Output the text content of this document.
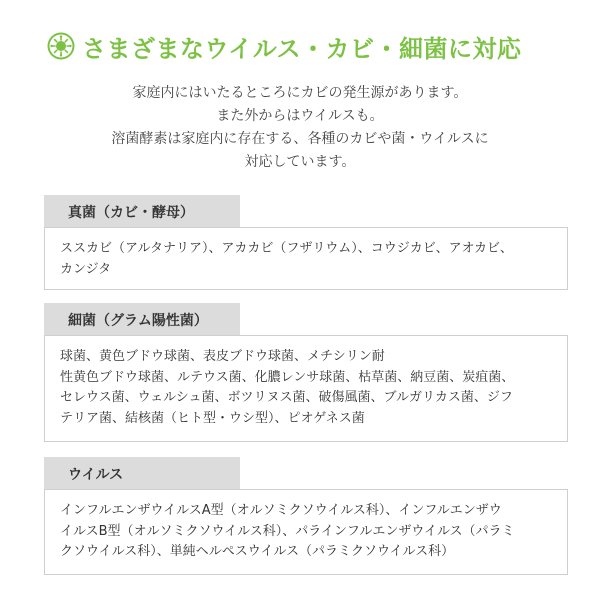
さまざまなウイルス・カビ・細菌に対応
家庭内にはいたるところにカビの発生源があります。
また外からはウイルスも。
溶菌酵素は家庭内に存在する、各種のカビや菌・ウイルスに
対応しています。
真菌（カビ・酵母）
ススカビ（アルタナリア）、アカカビ（フザリウム）、コウジカビ、アオカビ、
カンジタ
細菌（グラム陽性菌）
球菌、黄色ブドウ球菌、表皮ブドウ球菌、メチシリン耐
性黄色ブドウ球菌、ルテウス菌、化膿レンサ球菌、枯草菌、納豆菌、炭疽菌、
セレウス菌、ウェルシュ菌、ボツリヌス菌、破傷風菌、ブルガリカス菌、ジフ
テリア菌、結核菌（ヒト型・ウシ型）、ピオゲネス菌
ウイルス
インフルエンザウイルスA型（オルソミクソウイルス科）、インフルエンザウ
イルスB型（オルソミクソウイルス科）、パラインフルエンザウイルス（パラミ
クソウイルス科）、単純ヘルペスウイルス（パラミクソウイルス科）
